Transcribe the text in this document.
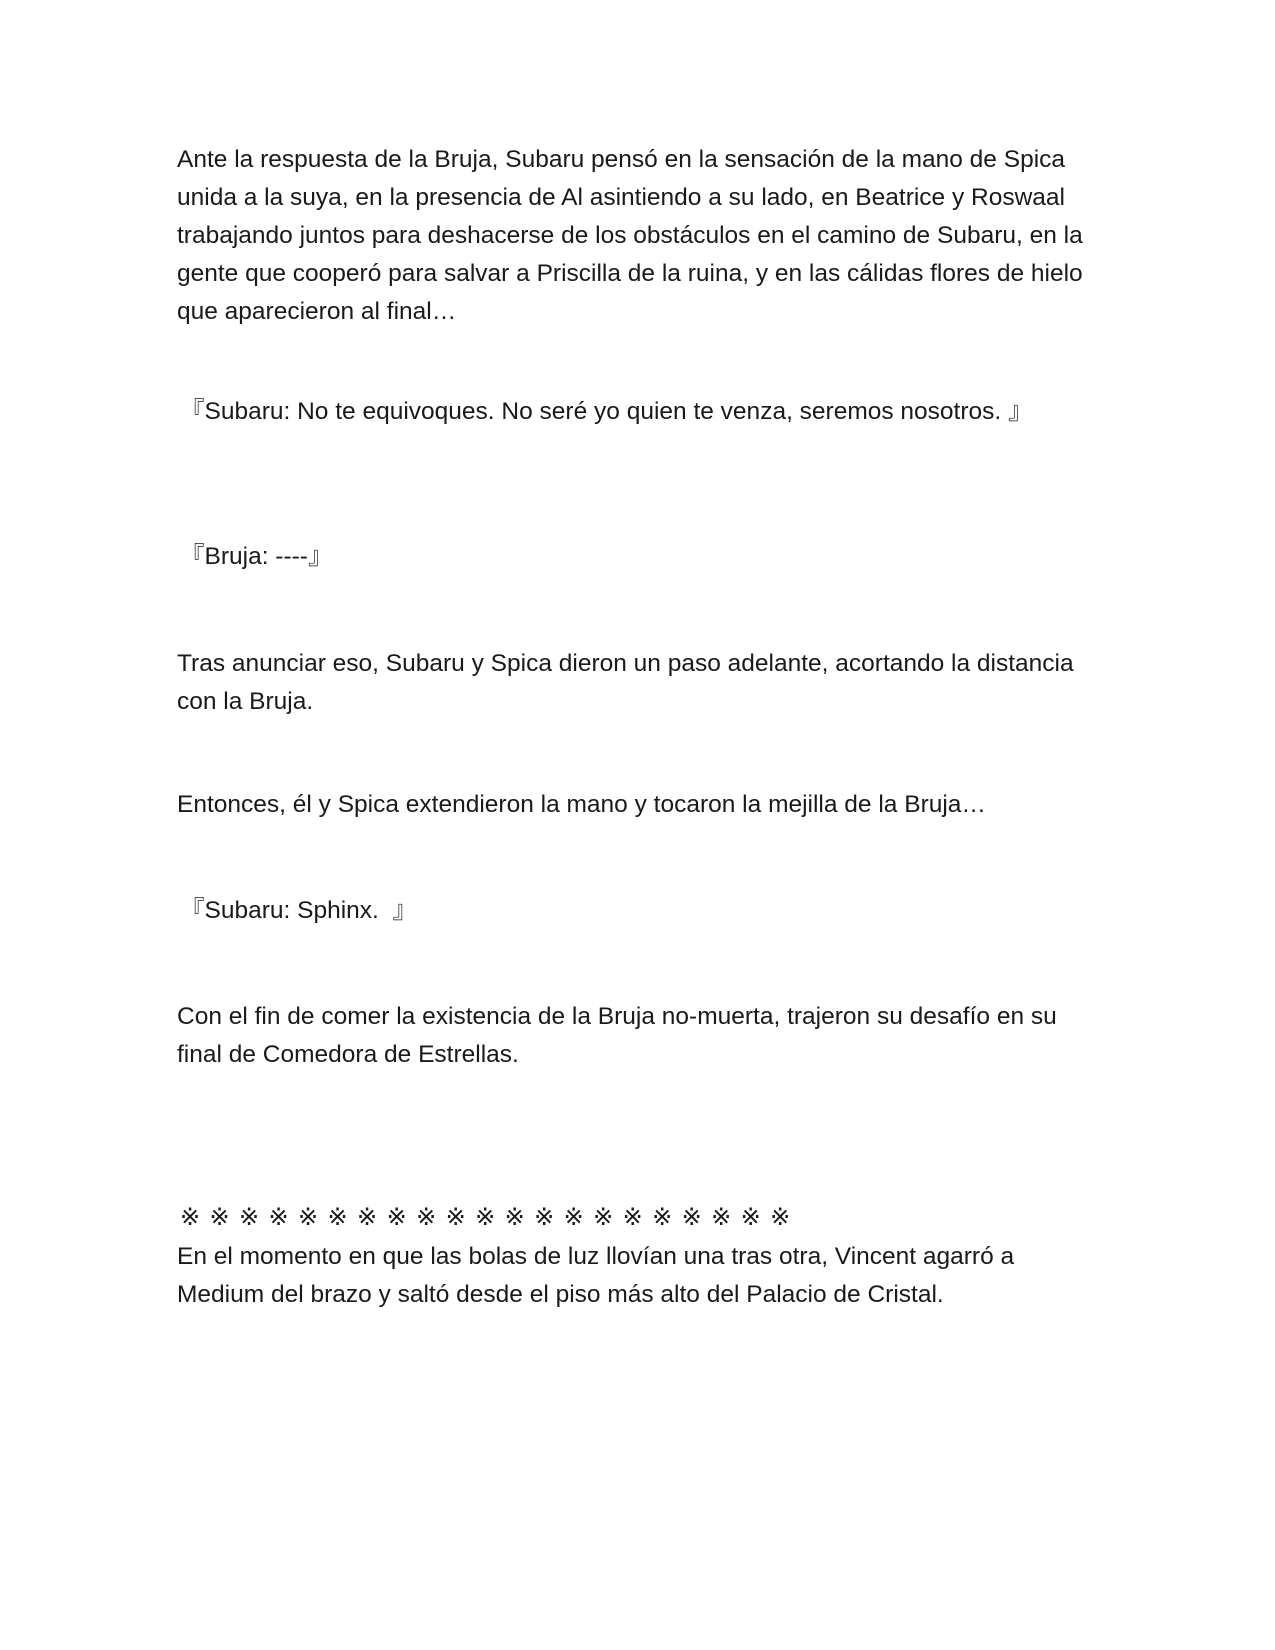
Ante la respuesta de la Bruja, Subaru pensó en la sensación de la mano de Spica unida a la suya, en la presencia de Al asintiendo a su lado, en Beatrice y Roswaal trabajando juntos para deshacerse de los obstáculos en el camino de Subaru, en la gente que cooperó para salvar a Priscilla de la ruina, y en las cálidas flores de hielo que aparecieron al final…

『Subaru: No te equivoques. No seré yo quien te venza, seremos nosotros. 』

『Bruja: ----』

Tras anunciar eso, Subaru y Spica dieron un paso adelante, acortando la distancia con la Bruja.

Entonces, él y Spica extendieron la mano y tocaron la mejilla de la Bruja…

『Subaru: Sphinx.  』

Con el fin de comer la existencia de la Bruja no-muerta, trajeron su desafío en su final de Comedora de Estrellas.

※※※※※※※※※※※※※※※※※※※※※

En el momento en que las bolas de luz llovían una tras otra, Vincent agarró a Medium del brazo y saltó desde el piso más alto del Palacio de Cristal.
